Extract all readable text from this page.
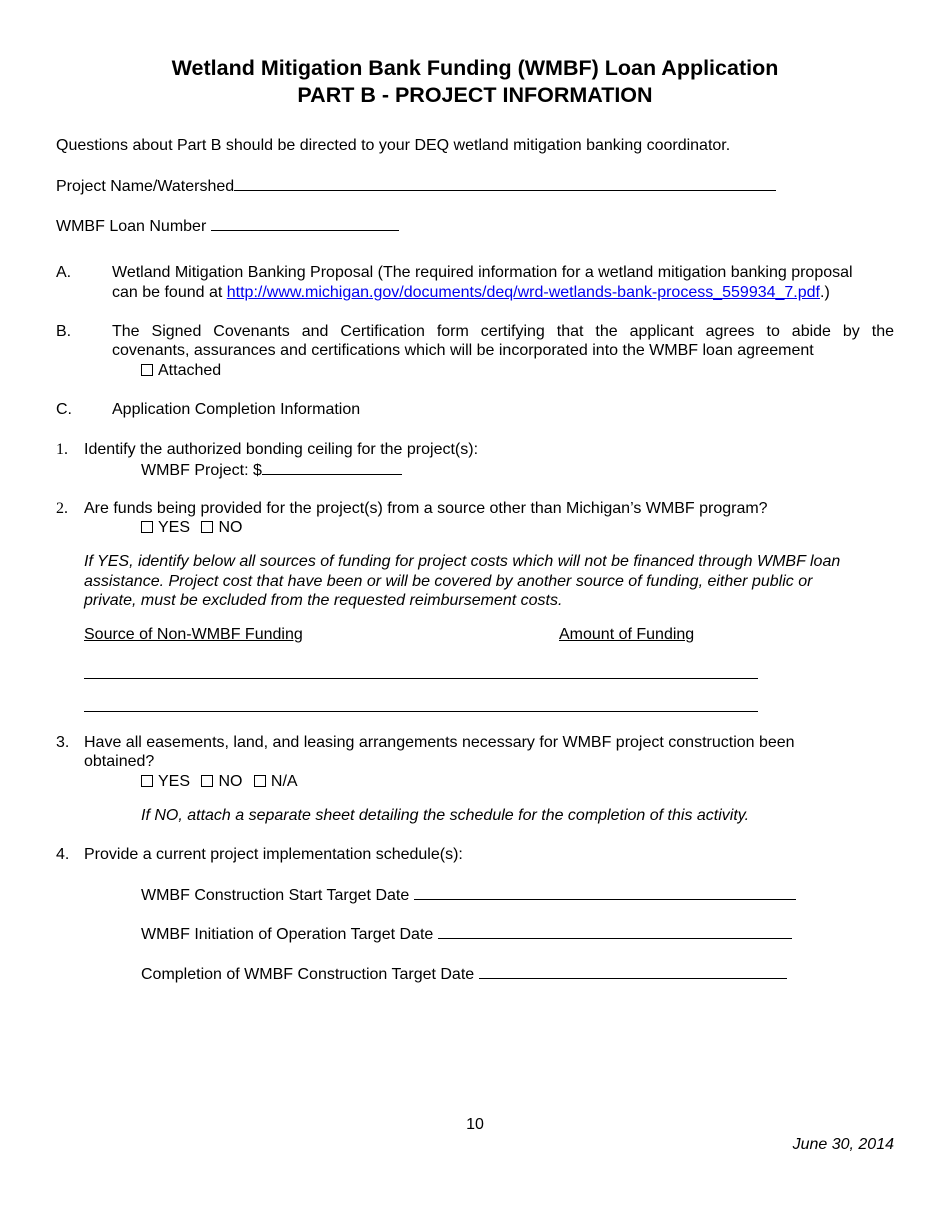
Wetland Mitigation Bank Funding (WMBF) Loan Application
PART B - PROJECT INFORMATION
Questions about Part B should be directed to your DEQ wetland mitigation banking coordinator.
Project Name/Watershed
WMBF Loan Number
A.	Wetland Mitigation Banking Proposal (The required information for a wetland mitigation banking proposal
can be found at http://www.michigan.gov/documents/deq/wrd-wetlands-bank-process_559934_7.pdf.)
B.	The Signed Covenants and Certification form certifying that the applicant agrees to abide by the
covenants, assurances and certifications which will be incorporated into the WMBF loan agreement
Attached
C.	Application Completion Information
1. Identify the authorized bonding ceiling for the project(s):
WMBF Project: $
2. Are funds being provided for the project(s) from a source other than Michigan’s WMBF program?
YES NO
If YES, identify below all sources of funding for project costs which will not be financed through WMBF loan
assistance. Project cost that have been or will be covered by another source of funding, either public or
private, must be excluded from the requested reimbursement costs.
Source of Non-WMBF Funding	Amount of Funding
3. Have all easements, land, and leasing arrangements necessary for WMBF project construction been
obtained?
YES NO N/A
If NO, attach a separate sheet detailing the schedule for the completion of this activity.
4. Provide a current project implementation schedule(s):
WMBF Construction Start Target Date
WMBF Initiation of Operation Target Date
Completion of WMBF Construction Target Date
10
June 30, 2014
